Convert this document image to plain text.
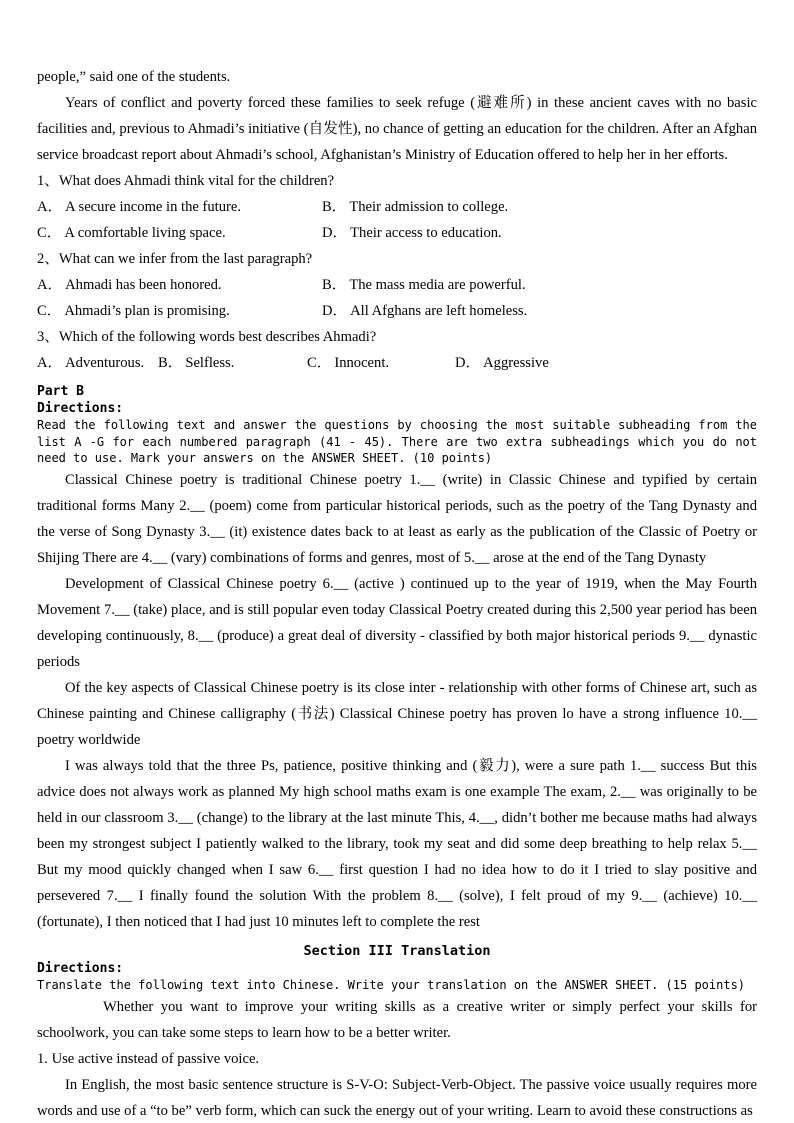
people,” said one of the students.

Years of conflict and poverty forced these families to seek refuge (避难所) in these ancient caves with no basic facilities and, previous to Ahmadi’s initiative (自发性), no chance of getting an education for the children. After an Afghan service broadcast report about Ahmadi’s school, Afghanistan’s Ministry of Education offered to help her in her efforts.

1、What does Ahmadi think vital for the children?

A． A secure income in the future.	B． Their admission to college.

C． A comfortable living space.	D． Their access to education.

2、What can we infer from the last paragraph?

A． Ahmadi has been honored.	B． The mass media are powerful.

C． Ahmadi’s plan is promising.	D． All Afghans are left homeless.

3、Which of the following words best describes Ahmadi?

A． Adventurous. B． Selfless.	C． Innocent.	D． Aggressive

Part B

Directions:

Read the following text and answer the questions by choosing the most suitable subheading from the list A -G for each numbered paragraph (41 - 45). There are two extra subheadings which you do not need to use. Mark your answers on the ANSWER SHEET. (10 points)

Classical Chinese poetry is traditional Chinese poetry 1.__ (write) in Classic Chinese and typified by certain traditional forms Many 2.__ (poem) come from particular historical periods, such as the poetry of the Tang Dynasty and the verse of Song Dynasty 3.__ (it) existence dates back to at least as early as the publication of the Classic of Poetry or Shijing There are 4.__ (vary) combinations of forms and genres, most of 5.__ arose at the end of the Tang Dynasty

Development of Classical Chinese poetry 6.__ (active ) continued up to the year of 1919, when the May Fourth Movement 7.__ (take) place, and is still popular even today Classical Poetry created during this 2,500 year period has been developing continuously, 8.__ (produce) a great deal of diversity - classified by both major historical periods 9.__ dynastic periods

Of the key aspects of Classical Chinese poetry is its close inter - relationship with other forms of Chinese art, such as Chinese painting and Chinese calligraphy (书法) Classical Chinese poetry has proven lo have a strong influence 10.__ poetry worldwide

I was always told that the three Ps, patience, positive thinking and (毅力), were a sure path 1.__ success But this advice does not always work as planned My high school maths exam is one example The exam, 2.__ was originally to be held in our classroom 3.__ (change) to the library at the last minute This, 4.__, didn’t bother me because maths had always been my strongest subject I patiently walked to the library, took my seat and did some deep breathing to help relax 5.__ But my mood quickly changed when I saw 6.__ first question I had no idea how to do it I tried to slay positive and persevered 7.__ I finally found the solution With the problem 8.__ (solve), I felt proud of my 9.__ (achieve) 10.__ (fortunate), I then noticed that I had just 10 minutes left to complete the rest

Section III Translation

Directions:

Translate the following text into Chinese. Write your translation on the ANSWER SHEET. (15 points)

Whether you want to improve your writing skills as a creative writer or simply perfect your skills for schoolwork, you can take some steps to learn how to be a better writer.

1. Use active instead of passive voice.

In English, the most basic sentence structure is S-V-O: Subject-Verb-Object. The passive voice usually requires more words and use of a “to be” verb form, which can suck the energy out of your writing. Learn to avoid these constructions as
